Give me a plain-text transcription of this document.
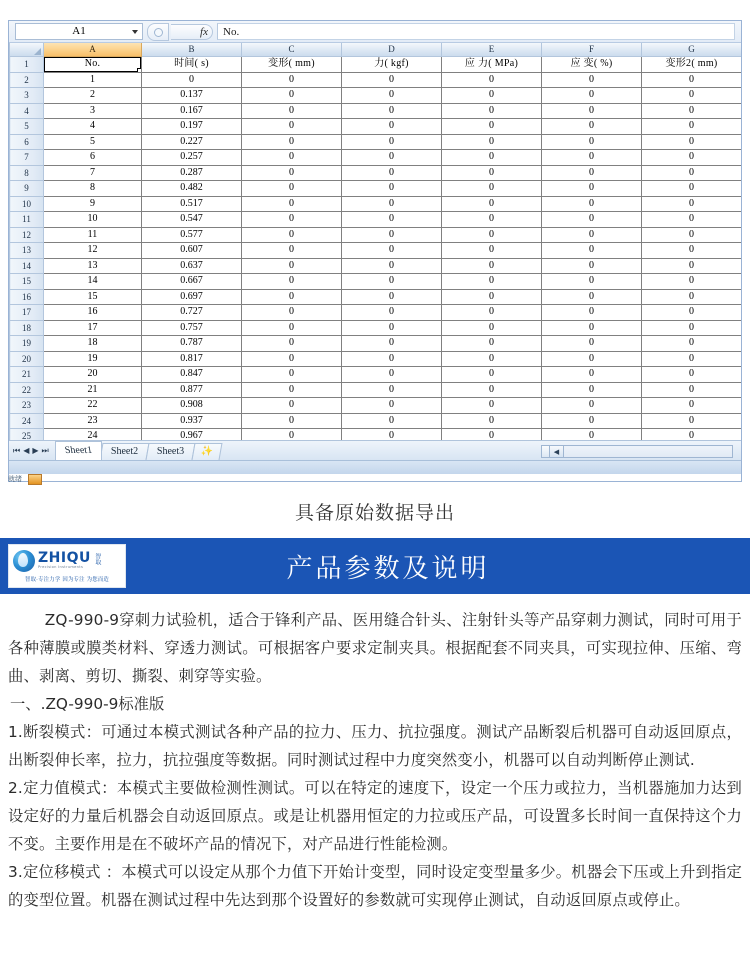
A1	fx No.
	A	B	C	D	E	F	G
1	No.	时间( s)	变形( mm)	力( kgf)	应 力( MPa)	应 变( %)	变形2( mm)
2	1	0	0	0	0	0	0
3	2	0.137	0	0	0	0	0
4	3	0.167	0	0	0	0	0
5	4	0.197	0	0	0	0	0
6	5	0.227	0	0	0	0	0
7	6	0.257	0	0	0	0	0
8	7	0.287	0	0	0	0	0
9	8	0.482	0	0	0	0	0
10	9	0.517	0	0	0	0	0
11	10	0.547	0	0	0	0	0
12	11	0.577	0	0	0	0	0
13	12	0.607	0	0	0	0	0
14	13	0.637	0	0	0	0	0
15	14	0.667	0	0	0	0	0
16	15	0.697	0	0	0	0	0
17	16	0.727	0	0	0	0	0
18	17	0.757	0	0	0	0	0
19	18	0.787	0	0	0	0	0
20	19	0.817	0	0	0	0	0
21	20	0.847	0	0	0	0	0
22	21	0.877	0	0	0	0	0
23	22	0.908	0	0	0	0	0
24	23	0.937	0	0	0	0	0
25	24	0.967	0	0	0	0	0

⏮ ◀ ▶ ⏭	Sheet1	Sheet2	Sheet3	✨	◀
就绪
具备原始数据导出
ZHIQU
Precision Instruments
智取
智取·专注力学 因为专注 为您而造	产品参数及说明

ZQ-990-9穿刺力试验机，适合于锋利产品、医用缝合针头、注射针头等产品穿刺力测试，同时可用于各种薄膜或膜类材料、穿透力测试。可根据客户要求定制夹具。根据配套不同夹具，可实现拉伸、压缩、弯曲、剥离、剪切、撕裂、刺穿等实验。

一、.ZQ-990-9标准版

1.断裂模式：可通过本模式测试各种产品的拉力、压力、抗拉强度。测试产品断裂后机器可自动返回原点，出断裂伸长率，拉力，抗拉强度等数据。同时测试过程中力度突然变小，机器可以自动判断停止测试.

2.定力值模式：本模式主要做检测性测试。可以在特定的速度下，设定一个压力或拉力，当机器施加力达到设定好的力量后机器会自动返回原点。或是让机器用恒定的力拉或压产品，可设置多长时间一直保持这个力不变。主要作用是在不破坏产品的情况下，对产品进行性能检测。

3.定位移模式 ：本模式可以设定从那个力值下开始计变型，同时设定变型量多少。机器会下压或上升到指定的变型位置。机器在测试过程中先达到那个设置好的参数就可实现停止测试，自动返回原点或停止。
